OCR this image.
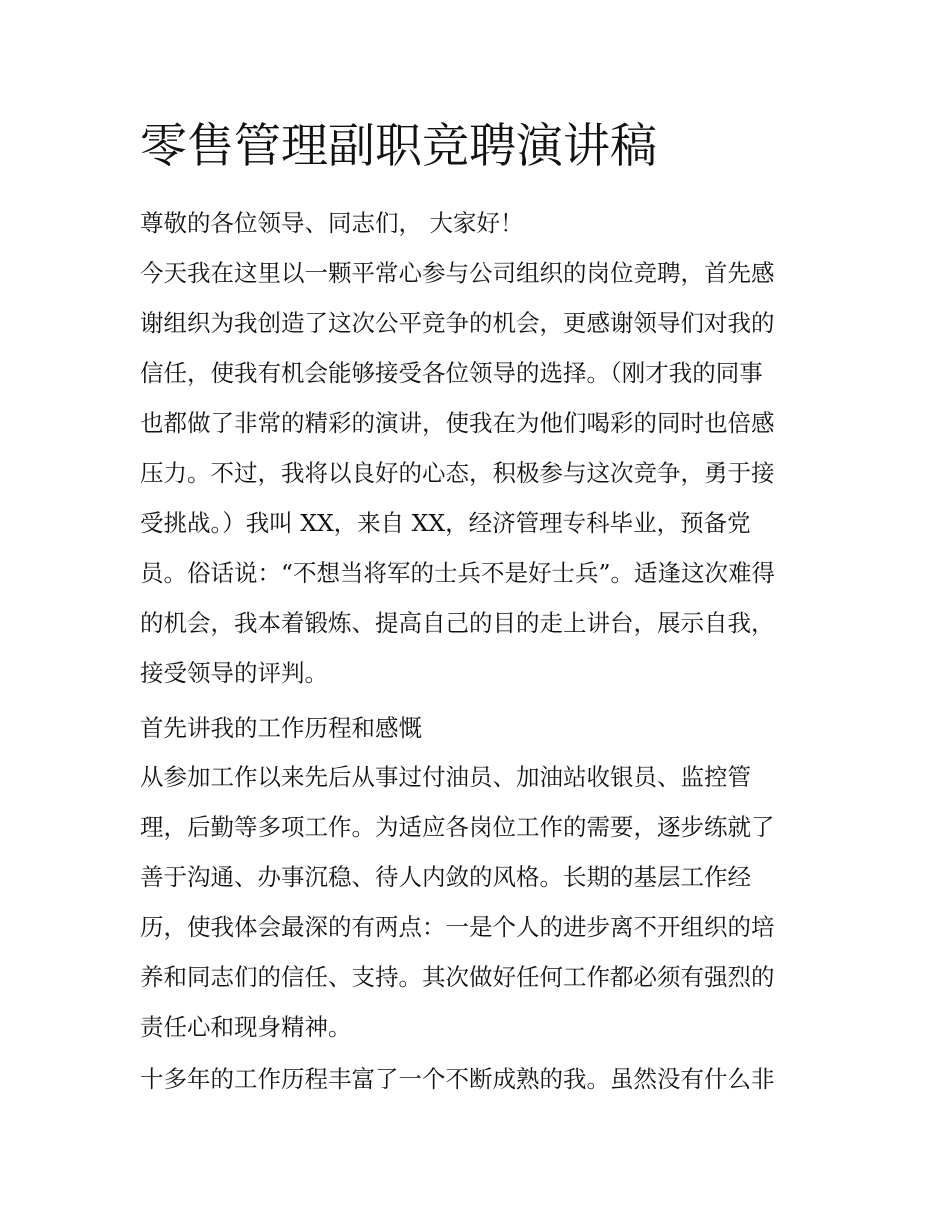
零售管理副职竞聘演讲稿

尊敬的各位领导、同志们， 大家好！

今天我在这里以一颗平常心参与公司组织的岗位竞聘，首先感
谢组织为我创造了这次公平竞争的机会，更感谢领导们对我的
信任，使我有机会能够接受各位领导的选择。（刚才我的同事
也都做了非常的精彩的演讲，使我在为他们喝彩的同时也倍感
压力。不过，我将以良好的心态，积极参与这次竞争，勇于接
受挑战。）我叫 XX，来自 XX，经济管理专科毕业，预备党
员。俗话说：“不想当将军的士兵不是好士兵”。适逢这次难得
的机会，我本着锻炼、提高自己的目的走上讲台，展示自我，
接受领导的评判。

首先讲我的工作历程和感慨

从参加工作以来先后从事过付油员、加油站收银员、监控管
理，后勤等多项工作。为适应各岗位工作的需要，逐步练就了
善于沟通、办事沉稳、待人内敛的风格。长期的基层工作经
历，使我体会最深的有两点：一是个人的进步离不开组织的培
养和同志们的信任、支持。其次做好任何工作都必须有强烈的
责任心和现身精神。
十多年的工作历程丰富了一个不断成熟的我。虽然没有什么非
